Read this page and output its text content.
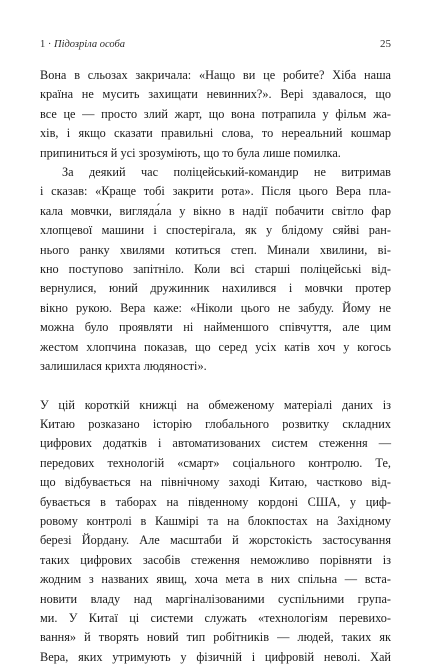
1 · Підозріла особа	25
Вона в сльозах закричала: «Нащо ви це робите? Хіба наша
країна не мусить захищати невинних?». Вері здавалося, що
все це — просто злий жарт, що вона потрапила у фільм жа-
хів, і якщо сказати правильні слова, то нереальний кошмар
припиниться й усі зрозуміють, що то була лише помилка.
За деякий час поліцейський-командир не витримав
і сказав: «Краще тобі закрити рота». Після цього Вера пла-
кала мовчки, вигляда́ла у вікно в надії побачити світло фар
хлопцевої машини і спостерігала, як у блідому сяйві ран-
нього ранку хвилями котиться степ. Минали хвилини, ві-
кно поступово запітніло. Коли всі старші поліцейські від-
вернулися, юний дружинник нахилився і мовчки протер
вікно рукою. Вера каже: «Ніколи цього не забуду. Йому не
можна було проявляти ні найменшого співчуття, але цим
жестом хлопчина показав, що серед усіх катів хоч у когось
залишилася крихта людяності».
У цій короткій книжці на обмеженому матеріалі даних із
Китаю розказано історію глобального розвитку складних
цифрових додатків і автоматизованих систем стеження —
передових технологій «смарт» соціального контролю. Те,
що відбувається на північному заході Китаю, частково від-
бувається в таборах на південному кордоні США, у циф-
ровому контролі в Кашмірі та на блокпостах на Західному
березі Йордану. Але масштаби й жорстокість застосування
таких цифрових засобів стеження неможливо порівняти із
жодним з названих явищ, хоча мета в них спільна — вста-
новити владу над маргіналізованими суспільними група-
ми. У Китаї ці системи служать «технологіям перевихо-
вання» й творять новий тип робітників — людей, таких як
Вера, яких утримують у фізичній і цифровій неволі. Хай
